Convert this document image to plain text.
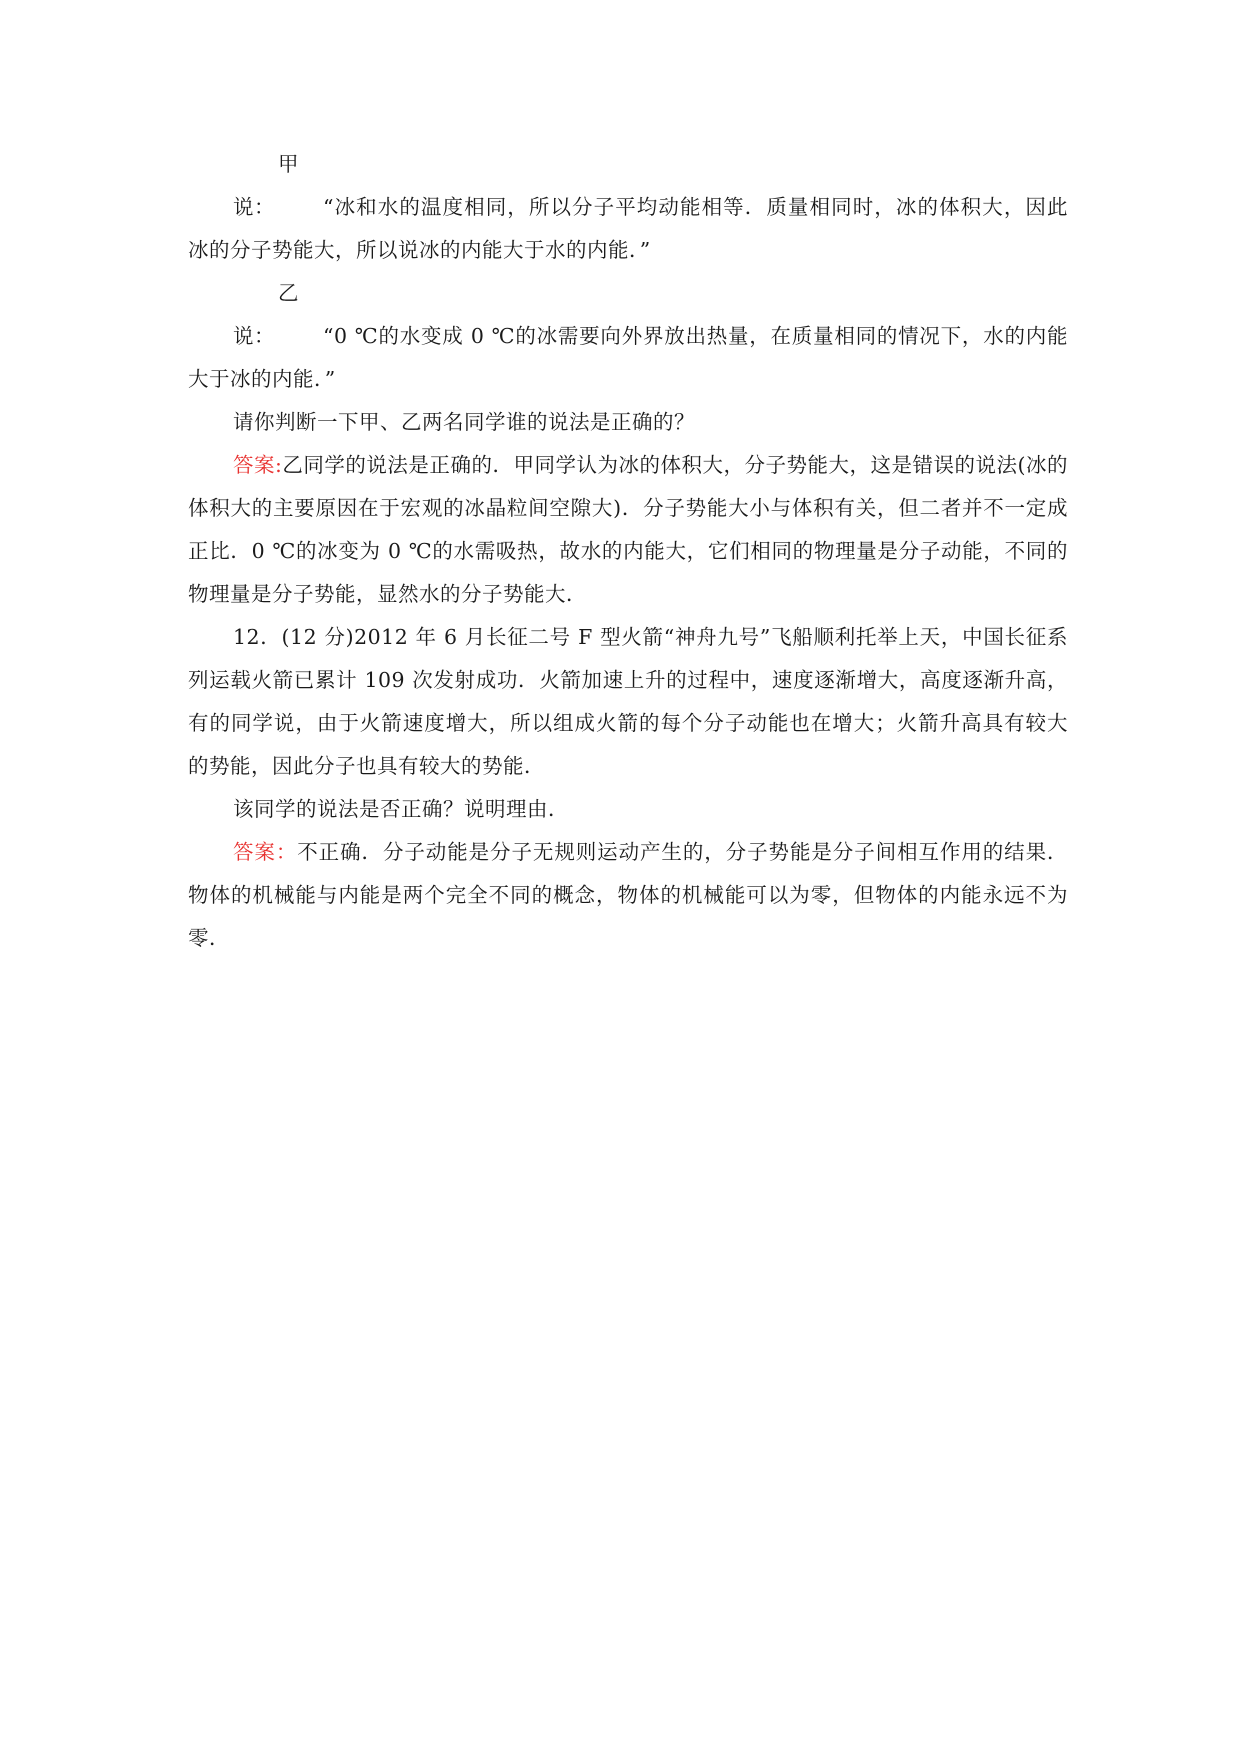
甲说： “冰和水的温度相同，所以分子平均动能相等．质量相同时，冰的体积大，因此冰的分子势能大，所以说冰的内能大于水的内能．”

乙说： “0 ℃的水变成 0 ℃的冰需要向外界放出热量，在质量相同的情况下，水的内能大于冰的内能．”

请你判断一下甲、乙两名同学谁的说法是正确的？

答案:乙同学的说法是正确的．甲同学认为冰的体积大，分子势能大，这是错误的说法(冰的体积大的主要原因在于宏观的冰晶粒间空隙大)．分子势能大小与体积有关，但二者并不一定成正比．0 ℃的冰变为 0 ℃的水需吸热，故水的内能大，它们相同的物理量是分子动能，不同的物理量是分子势能，显然水的分子势能大．

12．(12 分)2012 年 6 月长征二号 F 型火箭“神舟九号”飞船顺利托举上天，中国长征系列运载火箭已累计 109 次发射成功．火箭加速上升的过程中，速度逐渐增大，高度逐渐升高，有的同学说，由于火箭速度增大，所以组成火箭的每个分子动能也在增大；火箭升高具有较大的势能，因此分子也具有较大的势能．

该同学的说法是否正确？说明理由．

答案：不正确．分子动能是分子无规则运动产生的，分子势能是分子间相互作用的结果．物体的机械能与内能是两个完全不同的概念，物体的机械能可以为零，但物体的内能永远不为零．
